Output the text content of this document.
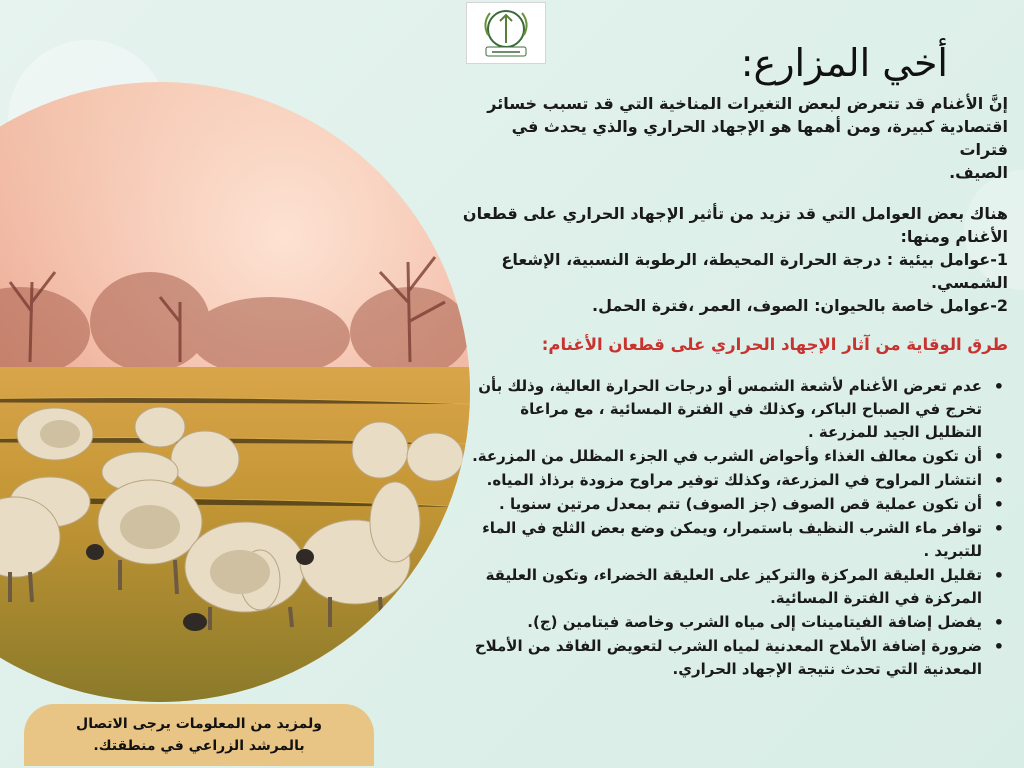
أخي المزارع:
إنَّ الأغنام قد تتعرض لبعض التغيرات المناخية التي قد تسبب خسائر
اقتصادية كبيرة، ومن أهمها هو الإجهاد الحراري والذي يحدث في فترات
الصيف.
هناك بعض العوامل التي قد تزيد من تأثير الإجهاد الحراري على قطعان
الأغنام ومنها:
1-عوامل بيئية : درجة الحرارة المحيطة، الرطوبة النسبية، الإشعاع
الشمسي.
2-عوامل خاصة بالحيوان: الصوف، العمر ،فترة الحمل.
طرق الوقاية من آثار الإجهاد الحراري على قطعان الأغنام:
• عدم تعرض الأغنام لأشعة الشمس أو درجات الحرارة العالية، وذلك بأن تخرج في الصباح الباكر، وكذلك في الفترة المسائية ، مع مراعاة التظليل الجيد للمزرعة .
• أن تكون معالف الغذاء وأحواض الشرب في الجزء المظلل من المزرعة.
• انتشار المراوح في المزرعة، وكذلك توفير مراوح مزودة برذاذ المياه.
• أن تكون عملية قص الصوف (جز الصوف) تتم بمعدل مرتين سنويا .
• توافر ماء الشرب النظيف باستمرار، ويمكن وضع بعض الثلج في الماء للتبريد .
• تقليل العليقة المركزة والتركيز على العليقة الخضراء، وتكون العليقة المركزة في الفترة المسائية.
• يفضل إضافة الفيتامينات إلى مياه الشرب وخاصة فيتامين (ج).
• ضرورة إضافة الأملاح المعدنية لمياه الشرب لتعويض الفاقد من الأملاح المعدنية التي تحدث نتيجة الإجهاد الحراري.
ولمزيد من المعلومات يرجى الاتصال
بالمرشد الزراعي في منطقتك.
